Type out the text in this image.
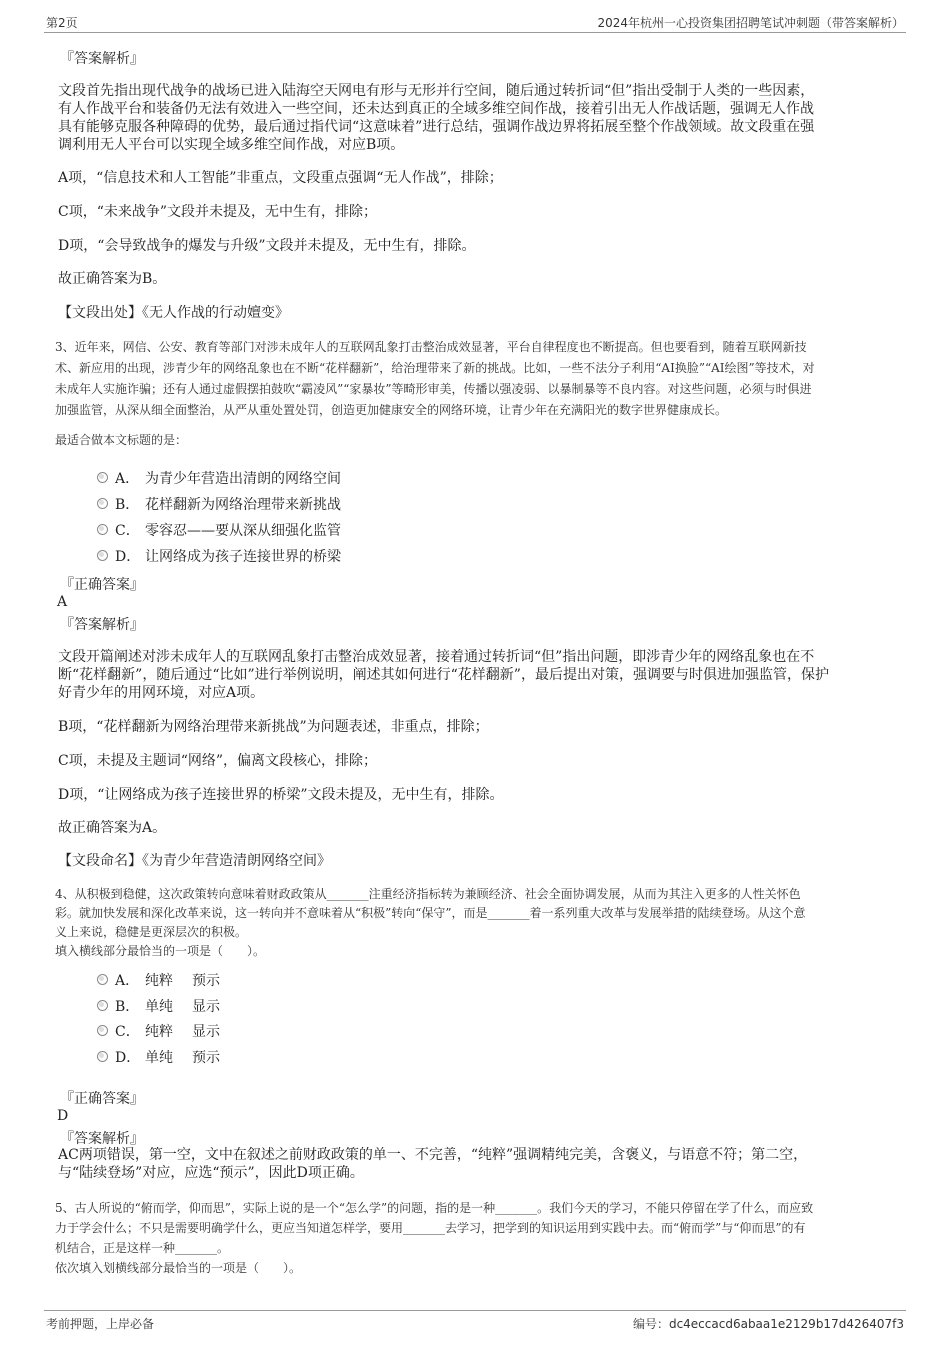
第2页	2024年杭州一心投资集团招聘笔试冲刺题（带答案解析）
『答案解析』
文段首先指出现代战争的战场已进入陆海空天网电有形与无形并行空间，随后通过转折词“但”指出受制于人类的一些因素，
有人作战平台和装备仍无法有效进入一些空间，还未达到真正的全域多维空间作战，接着引出无人作战话题，强调无人作战
具有能够克服各种障碍的优势，最后通过指代词“这意味着”进行总结，强调作战边界将拓展至整个作战领域。故文段重在强
调利用无人平台可以实现全域多维空间作战，对应B项。
A项，“信息技术和人工智能”非重点，文段重点强调“无人作战”，排除；
C项，“未来战争”文段并未提及，无中生有，排除；
D项，“会导致战争的爆发与升级”文段并未提及，无中生有，排除。
故正确答案为B。
【文段出处】《无人作战的行动嬗变》
3、近年来，网信、公安、教育等部门对涉未成年人的互联网乱象打击整治成效显著，平台自律程度也不断提高。但也要看到，随着互联网新技
术、新应用的出现，涉青少年的网络乱象也在不断“花样翻新”，给治理带来了新的挑战。比如，一些不法分子利用“AI换脸”“AI绘图”等技术，对
未成年人实施诈骗；还有人通过虚假摆拍鼓吹“霸凌风”“家暴妆”等畸形审美，传播以强凌弱、以暴制暴等不良内容。对这些问题，必须与时俱进
加强监管，从深从细全面整治，从严从重处置处罚，创造更加健康安全的网络环境，让青少年在充满阳光的数字世界健康成长。
最适合做本文标题的是：
A． 为青少年营造出清朗的网络空间
B． 花样翻新为网络治理带来新挑战
C． 零容忍——要从深从细强化监管
D． 让网络成为孩子连接世界的桥梁
『正确答案』
A
『答案解析』
文段开篇阐述对涉未成年人的互联网乱象打击整治成效显著，接着通过转折词“但”指出问题，即涉青少年的网络乱象也在不
断“花样翻新”，随后通过“比如”进行举例说明，阐述其如何进行“花样翻新”，最后提出对策，强调要与时俱进加强监管，保护
好青少年的用网环境，对应A项。
B项，“花样翻新为网络治理带来新挑战”为问题表述，非重点，排除；
C项，未提及主题词“网络”，偏离文段核心，排除；
D项，“让网络成为孩子连接世界的桥梁”文段未提及，无中生有，排除。
故正确答案为A。
【文段命名】《为青少年营造清朗网络空间》
4、从积极到稳健，这次政策转向意味着财政政策从_______注重经济指标转为兼顾经济、社会全面协调发展，从而为其注入更多的人性关怀色
彩。就加快发展和深化改革来说，这一转向并不意味着从“积极”转向“保守”，而是_______着一系列重大改革与发展举措的陆续登场。从这个意
义上来说，稳健是更深层次的积极。
填入横线部分最恰当的一项是（　　）。
A． 纯粹 预示
B． 单纯 显示
C． 纯粹 显示
D． 单纯 预示
『正确答案』
D
『答案解析』
AC两项错误，第一空，文中在叙述之前财政政策的单一、不完善，“纯粹”强调精纯完美，含褒义，与语意不符；第二空，
与“陆续登场”对应，应选“预示”，因此D项正确。
5、古人所说的“俯而学，仰而思”，实际上说的是一个“怎么学”的问题，指的是一种_______。我们今天的学习，不能只停留在学了什么，而应致
力于学会什么；不只是需要明确学什么，更应当知道怎样学，要用_______去学习，把学到的知识运用到实践中去。而“俯而学”与“仰而思”的有
机结合，正是这样一种_______。
依次填入划横线部分最恰当的一项是（　　）。
考前押题，上岸必备	编号：dc4eccacd6abaa1e2129b17d426407f3
